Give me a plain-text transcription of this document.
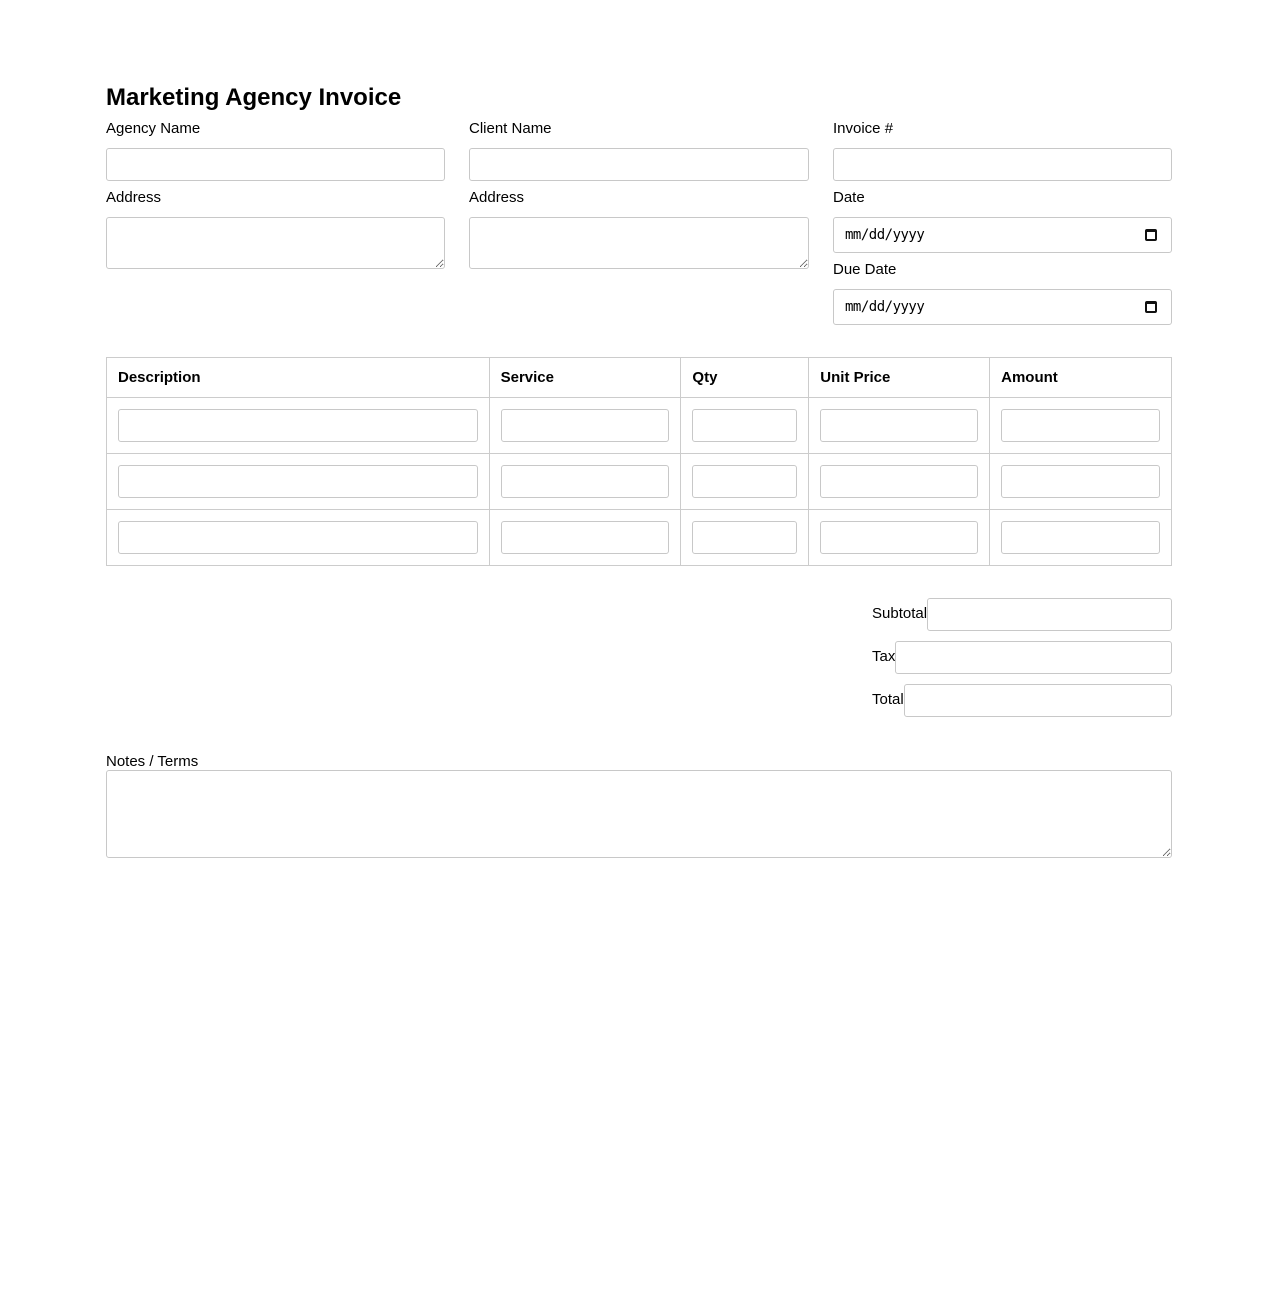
Marketing Agency Invoice
Agency Name	Client Name	Invoice #
Address	Address	Date
mm/dd/yyyy
Due Date
mm/dd/yyyy
Description	Service	Qty	Unit Price	Amount

Subtotal
Tax
Total
Notes / Terms
